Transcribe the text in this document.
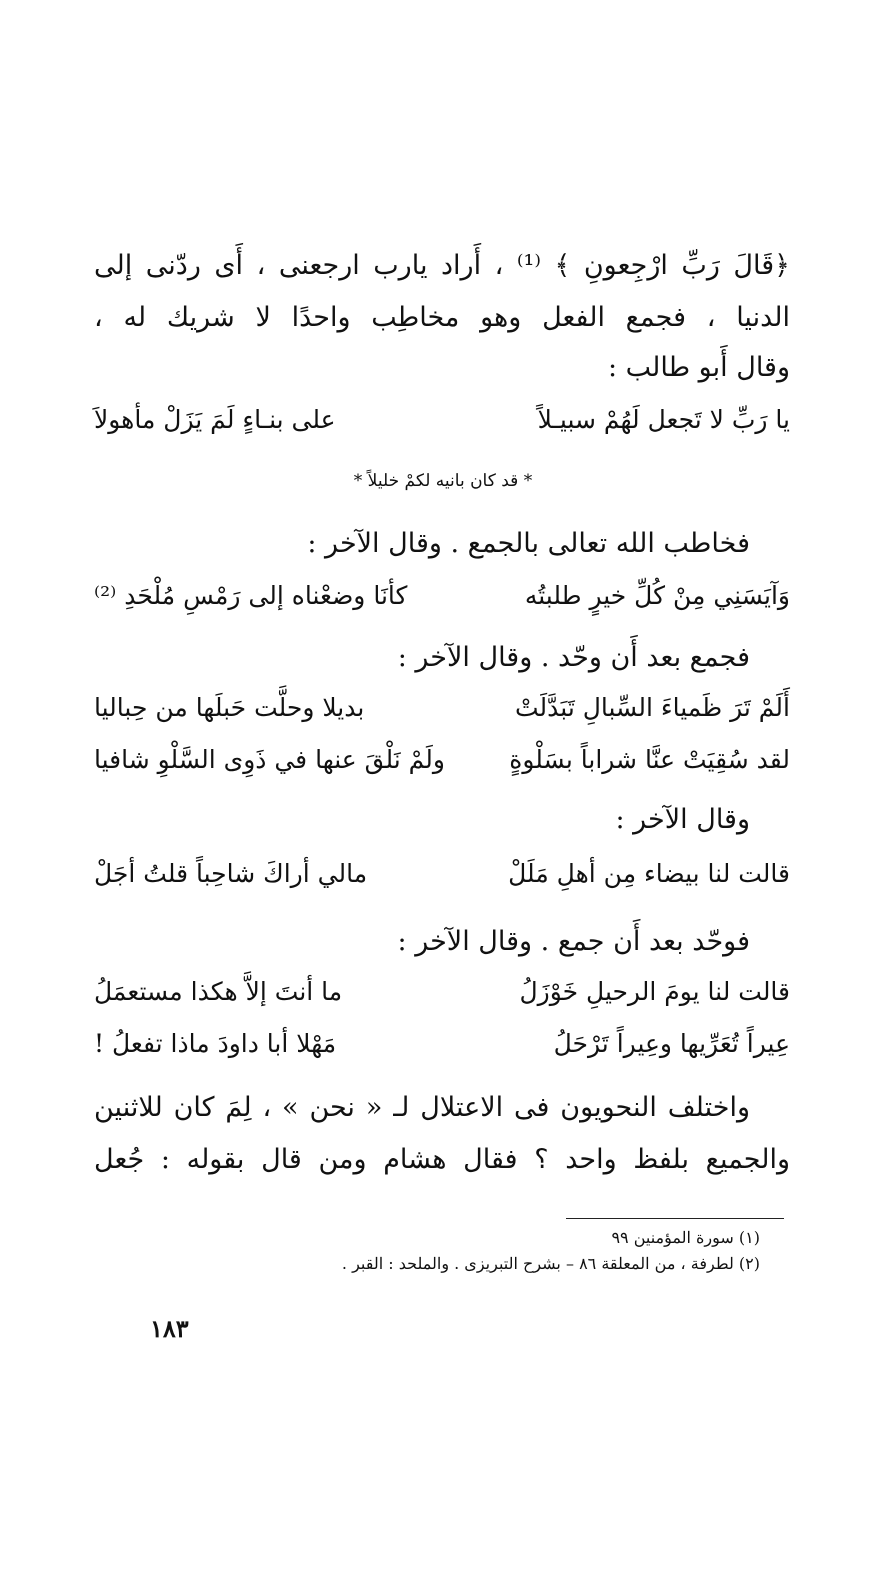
﴿قَالَ رَبِّ ارْجِعونِ ﴾ ⁽¹⁾ ، أَراد يارب ارجعنى ، أَى ردّنى إلى
الدنيا ، فجمع الفعل وهو مخاطِب واحدًا لا شريك له ،
وقال أَبو طالب :
يا رَبِّ لا تَجعل لَهُمْ سبيـلاً
على بنـاءٍ لَمَ يَزَلْ مأهولاَ
* قد كان بانيه لكمْ خليلاً *
فخاطب الله تعالى بالجمع . وقال الآخر :
وَآيَسَنِي مِنْ كُلِّ خيرٍ طلبتُه
كأنَا وضعْناه إلى رَمْسِ مُلْحَدِ ⁽²⁾
فجمع بعد أَن وحّد . وقال الآخر :
أَلَمْ تَرَ ظَمياءَ السِّبالِ تَبَدَّلَتْ
بديلا وحلَّت حَبلَها من حِباليا
لقد سُقِيَتْ عنَّا شراباً بسَلْوةٍ
ولَمْ نَلْقَ عنها في ذَوِى السَّلْوِ شافيا
وقال الآخر :
قالت لنا بيضاء مِن أهلِ مَلَلْ
مالي أراكَ شاحِباً قلتُ أجَلْ
فوحّد بعد أَن جمع . وقال الآخر :
قالت لنا يومَ الرحيلِ خَوْزَلُ
ما أنتَ إلاَّ هكذا مستعمَلُ
عِيراً تُعَرِّيها وعِيراً تَرْحَلُ
مَهْلا أبا داودَ ماذا تفعلُ !
واختلف النحويون فى الاعتلال لـ « نحن » ، لِمَ كان للاثنين
والجميع بلفظ واحد ؟ فقال هشام ومن قال بقوله : جُعل
(١) سورة المؤمنين ٩٩
(٢) لطرفة ، من المعلقة ٨٦ – بشرح التبريزى . والملحد : القبر .
١٨٣
